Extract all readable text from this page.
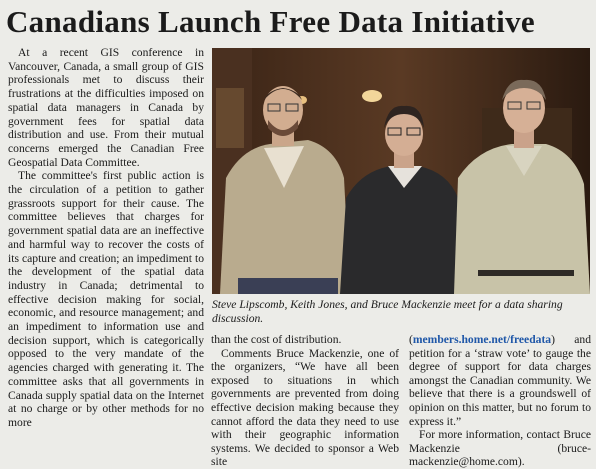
Canadians Launch Free Data Initiative

At a recent GIS conference in Vancouver, Canada, a small group of GIS professionals met to discuss their frustrations at the difficulties imposed on spatial data managers in Canada by government fees for spatial data distribution and use. From their mutual concerns emerged the Canadian Free Geospatial Data Committee.

The committee's first public action is the circulation of a petition to gather grassroots support for their cause. The committee believes that charges for government spatial data are an ineffective and harmful way to recover the costs of its capture and creation; an impediment to the development of the spatial data industry in Canada; detrimental to effective decision making for social, economic, and resource management; and an impediment to information use and decision support, which is categorically opposed to the very mandate of the agencies charged with generating it. The committee asks that all governments in Canada supply spatial data on the Internet at no charge or by other methods for no more

Steve Lipscomb, Keith Jones, and Bruce Mackenzie meet for a data sharing discussion.

than the cost of distribution.

Comments Bruce Mackenzie, one of the organizers, “We have all been exposed to situations in which governments are prevented from doing effective decision making because they cannot afford the data they need to use with their geographic information systems. We decided to sponsor a Web site

(members.home.net/freedata) and petition for a ‘straw vote’ to gauge the degree of support for data charges amongst the Canadian community. We believe that there is a groundswell of opinion on this matter, but no forum to express it.”

For more information, contact Bruce Mackenzie (bruce-mackenzie@home.com).
